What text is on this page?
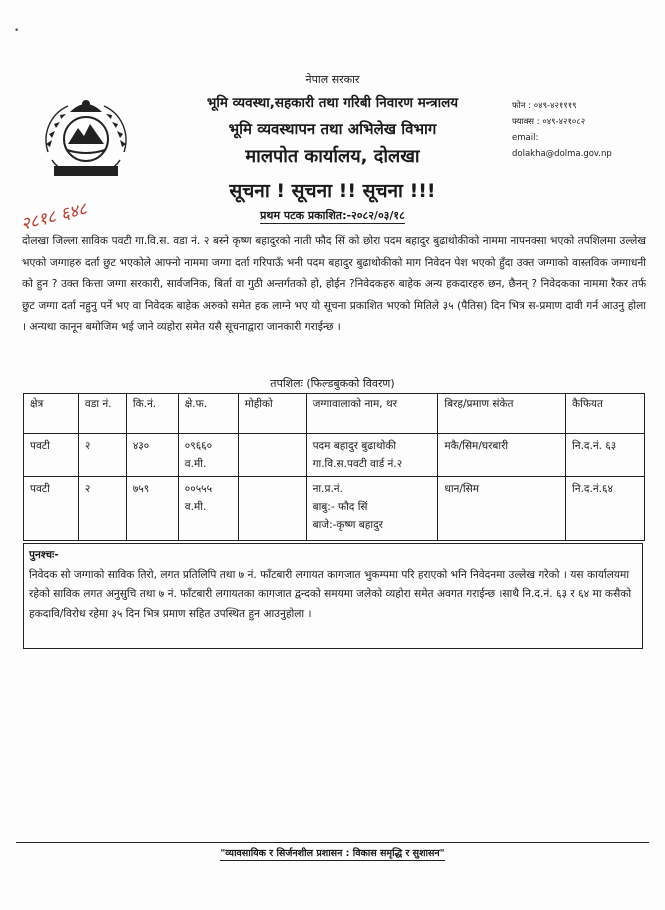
•
नेपाल सरकार
भूमि व्यवस्था,सहकारी तथा गरिबी निवारण मन्त्रालय
भूमि व्यवस्थापन तथा अभिलेख विभाग
मालपोत कार्यालय, दोलखा
फोन : ०४९-४२१११९
फ्याक्स : ०४९-४२१०८२
email:
dolakha@dolma.gov.np
सूचना ! सूचना !! सूचना !!!
प्रथम पटक प्रकाशित:-२०८२/०३/१८
२८१८ ६४८
दोलखा जिल्ला साविक पवटी गा.वि.स. वडा नं. २ बस्ने कृष्ण बहादुरको नाती फौद सिं को छोरा पदम बहादुर बुढाथोकीको नाममा नापनक्सा भएको तपशिलमा उल्लेख भएको जग्गाहरु दर्ता छुट भएकोले आफ्नो नाममा जग्गा दर्ता गरिपाऊँ भनी पदम बहादुर बुढाथोकीको माग निवेदन पेश भएको हुँदा उक्त जग्गाको वास्तविक जग्गाधनी को हुन ? उक्त कित्ता जग्गा सरकारी, सार्वजनिक, बिर्ता वा गुठी अन्तर्गतको हो, होईन ?निवेदकहरु बाहेक अन्य हकदारहरु छन, छैनन् ? निवेदकका नाममा रैकर तर्फ छुट जग्गा दर्ता नहुनु पर्ने भए वा निवेदक बाहेक अरुको समेत हक लाग्ने भए यो सूचना प्रकाशित भएको मितिले ३५ (पैतिस) दिन भित्र स-प्रमाण दावी गर्न आउनु होला । अन्यथा कानून बमोजिम भई जाने व्यहोरा समेत यसै सूचनाद्वारा जानकारी गराईन्छ ।
तपशिलः (फिल्डबुकको विवरण)
क्षेत्र	वडा नं.	कि.नं.	क्षे.फ.	मोहीको	जग्गावालाको नाम, थर	बिरह/प्रमाण संकेत	कैफियत
पवटी	२	४३०	०९६६० व.मी.		पदम बहादुर बुढाथोकी गा.वि.स.पवटी वार्ड नं.२	मकै/सिम/घरबारी	नि.द.नं. ६३
पवटी	२	७५९	००५५५ व.मी.		ना.प्र.नं.
बाबु:- फौद सिं
बाजे:-कृष्ण बहादुर	धान/सिम	नि.द.नं.६४
पुनश्चः-
निवेदक सो जग्गाको साविक तिरो, लगत प्रतिलिपि तथा ७ नं. फाँटबारी लगायत कागजात भुकम्पमा परि हराएको भनि निवेदनमा उल्लेख गरेको । यस कार्यालयमा रहेको साविक लगत अनुसुचि तथा ७ नं. फाँटबारी लगायतका कागजात द्वन्दको समयमा जलेको व्यहोरा समेत अवगत गराईन्छ ।साथै नि.द.नं. ६३ र ६४ मा कसैको हकदावि/विरोध रहेमा ३५ दिन भित्र प्रमाण सहित उपस्थित हुन आउनुहोला ।
"व्यावसायिक र सिर्जनशील प्रशासन : विकास समृद्धि र सुशासन"
